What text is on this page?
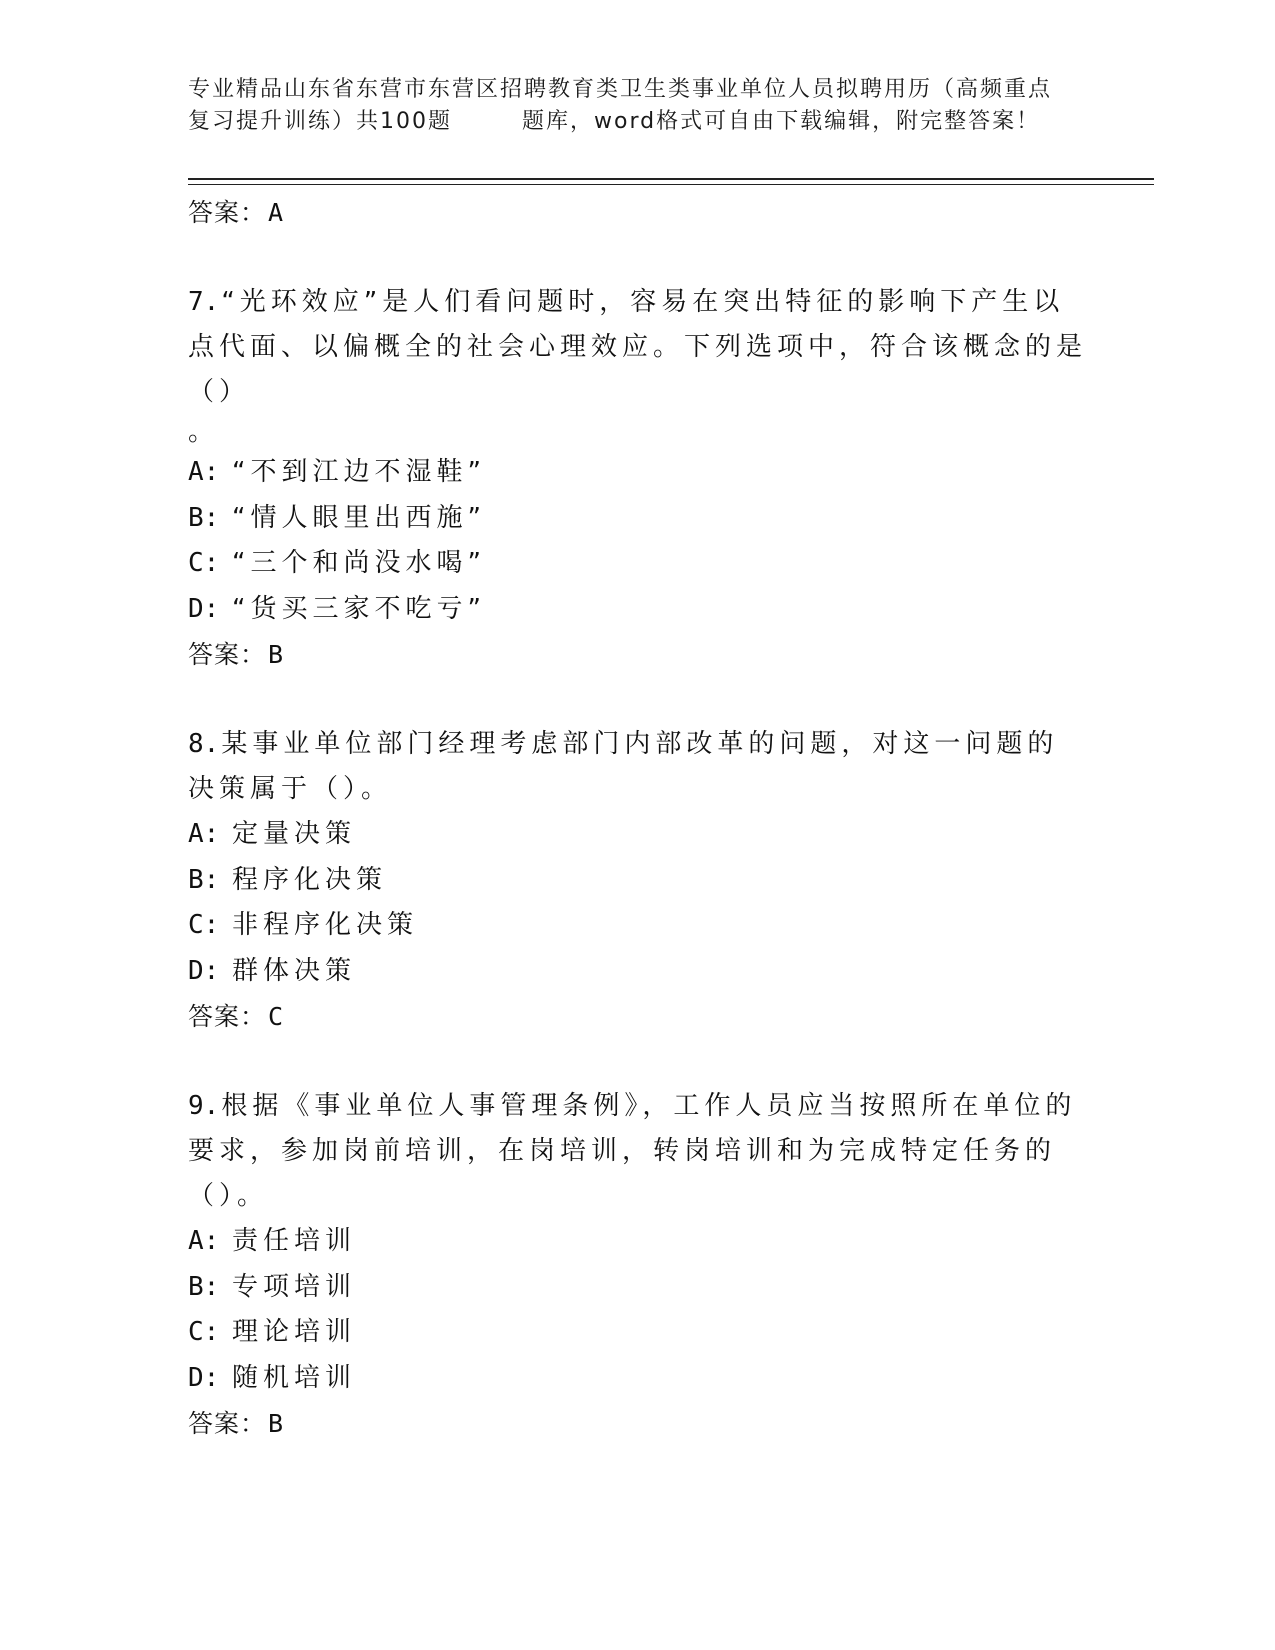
专业精品山东省东营市东营区招聘教育类卫生类事业单位人员拟聘用历（高频重点
复习提升训练）共100题	题库，word格式可自由下载编辑，附完整答案！

答案：A

7.“光环效应”是人们看问题时，容易在突出特征的影响下产生以点代面、以偏概全的社会心理效应。下列选项中，符合该概念的是（）

。

A: “不到江边不湿鞋”

B: “情人眼里出西施”

C: “三个和尚没水喝”

D: “货买三家不吃亏”

答案：B

8.某事业单位部门经理考虑部门内部改革的问题，对这一问题的决策属于（）。

A: 定量决策

B: 程序化决策

C: 非程序化决策

D: 群体决策

答案：C

9.根据《事业单位人事管理条例》，工作人员应当按照所在单位的要求，参加岗前培训，在岗培训，转岗培训和为完成特定任务的（）。

A: 责任培训

B: 专项培训

C: 理论培训

D: 随机培训

答案：B
